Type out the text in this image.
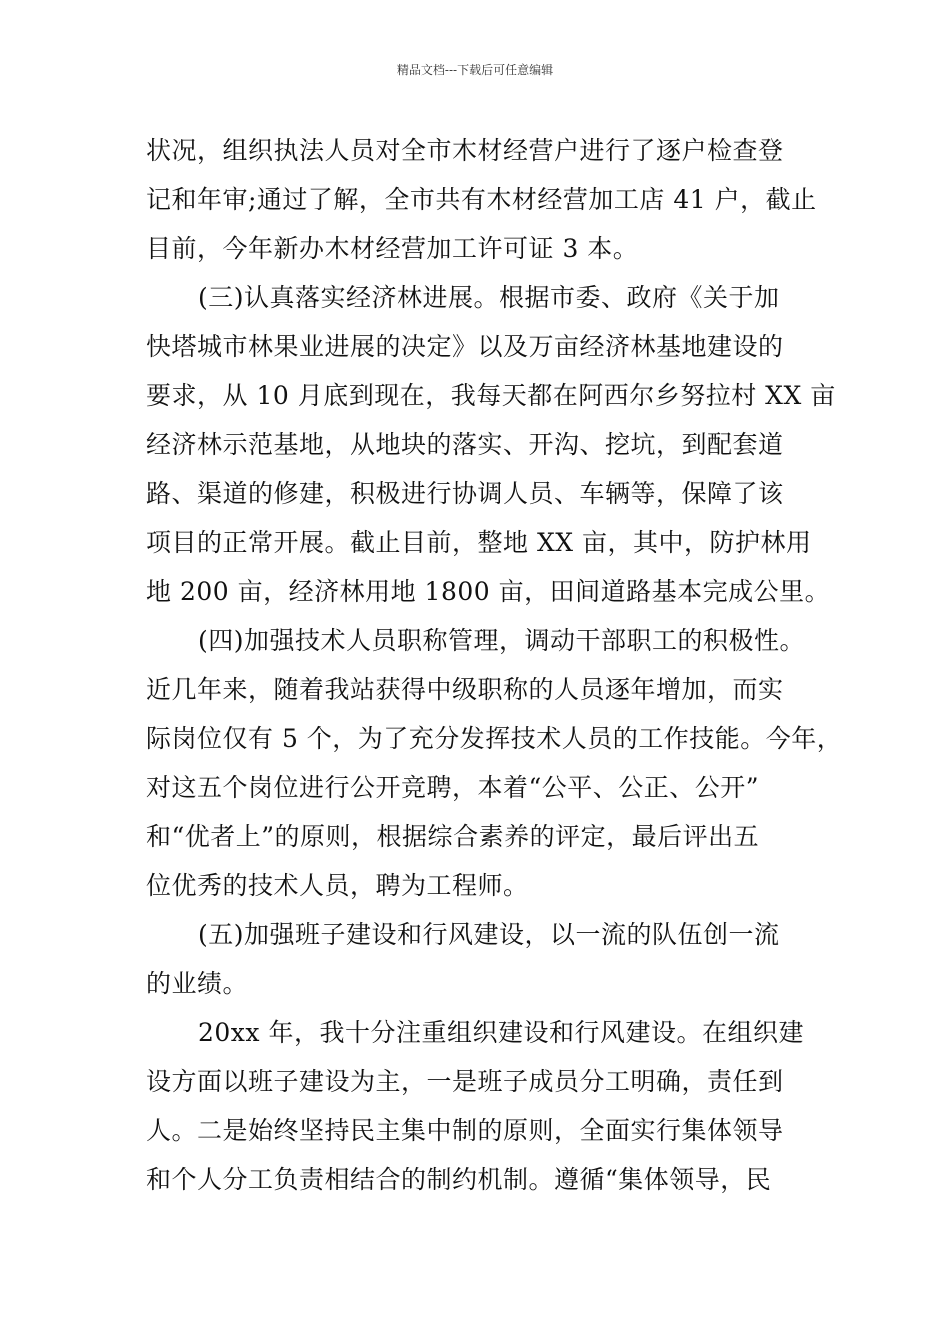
精品文档---下载后可任意编辑
状况，组织执法人员对全市木材经营户进行了逐户检查登
记和年审;通过了解，全市共有木材经营加工店 41 户，截止
目前，今年新办木材经营加工许可证 3 本。
(三)认真落实经济林进展。根据市委、政府《关于加
快塔城市林果业进展的决定》以及万亩经济林基地建设的
要求，从 10 月底到现在，我每天都在阿西尔乡努拉村 XX 亩
经济林示范基地，从地块的落实、开沟、挖坑，到配套道
路、渠道的修建，积极进行协调人员、车辆等，保障了该
项目的正常开展。截止目前，整地 XX 亩，其中，防护林用
地 200 亩，经济林用地 1800 亩，田间道路基本完成公里。
(四)加强技术人员职称管理，调动干部职工的积极性。
近几年来，随着我站获得中级职称的人员逐年增加，而实
际岗位仅有 5 个，为了充分发挥技术人员的工作技能。今年，
对这五个岗位进行公开竞聘，本着“公平、公正、公开”
和“优者上”的原则，根据综合素养的评定，最后评出五
位优秀的技术人员，聘为工程师。
(五)加强班子建设和行风建设，以一流的队伍创一流
的业绩。
20xx 年，我十分注重组织建设和行风建设。在组织建
设方面以班子建设为主，一是班子成员分工明确，责任到
人。二是始终坚持民主集中制的原则，全面实行集体领导
和个人分工负责相结合的制约机制。遵循“集体领导，民
